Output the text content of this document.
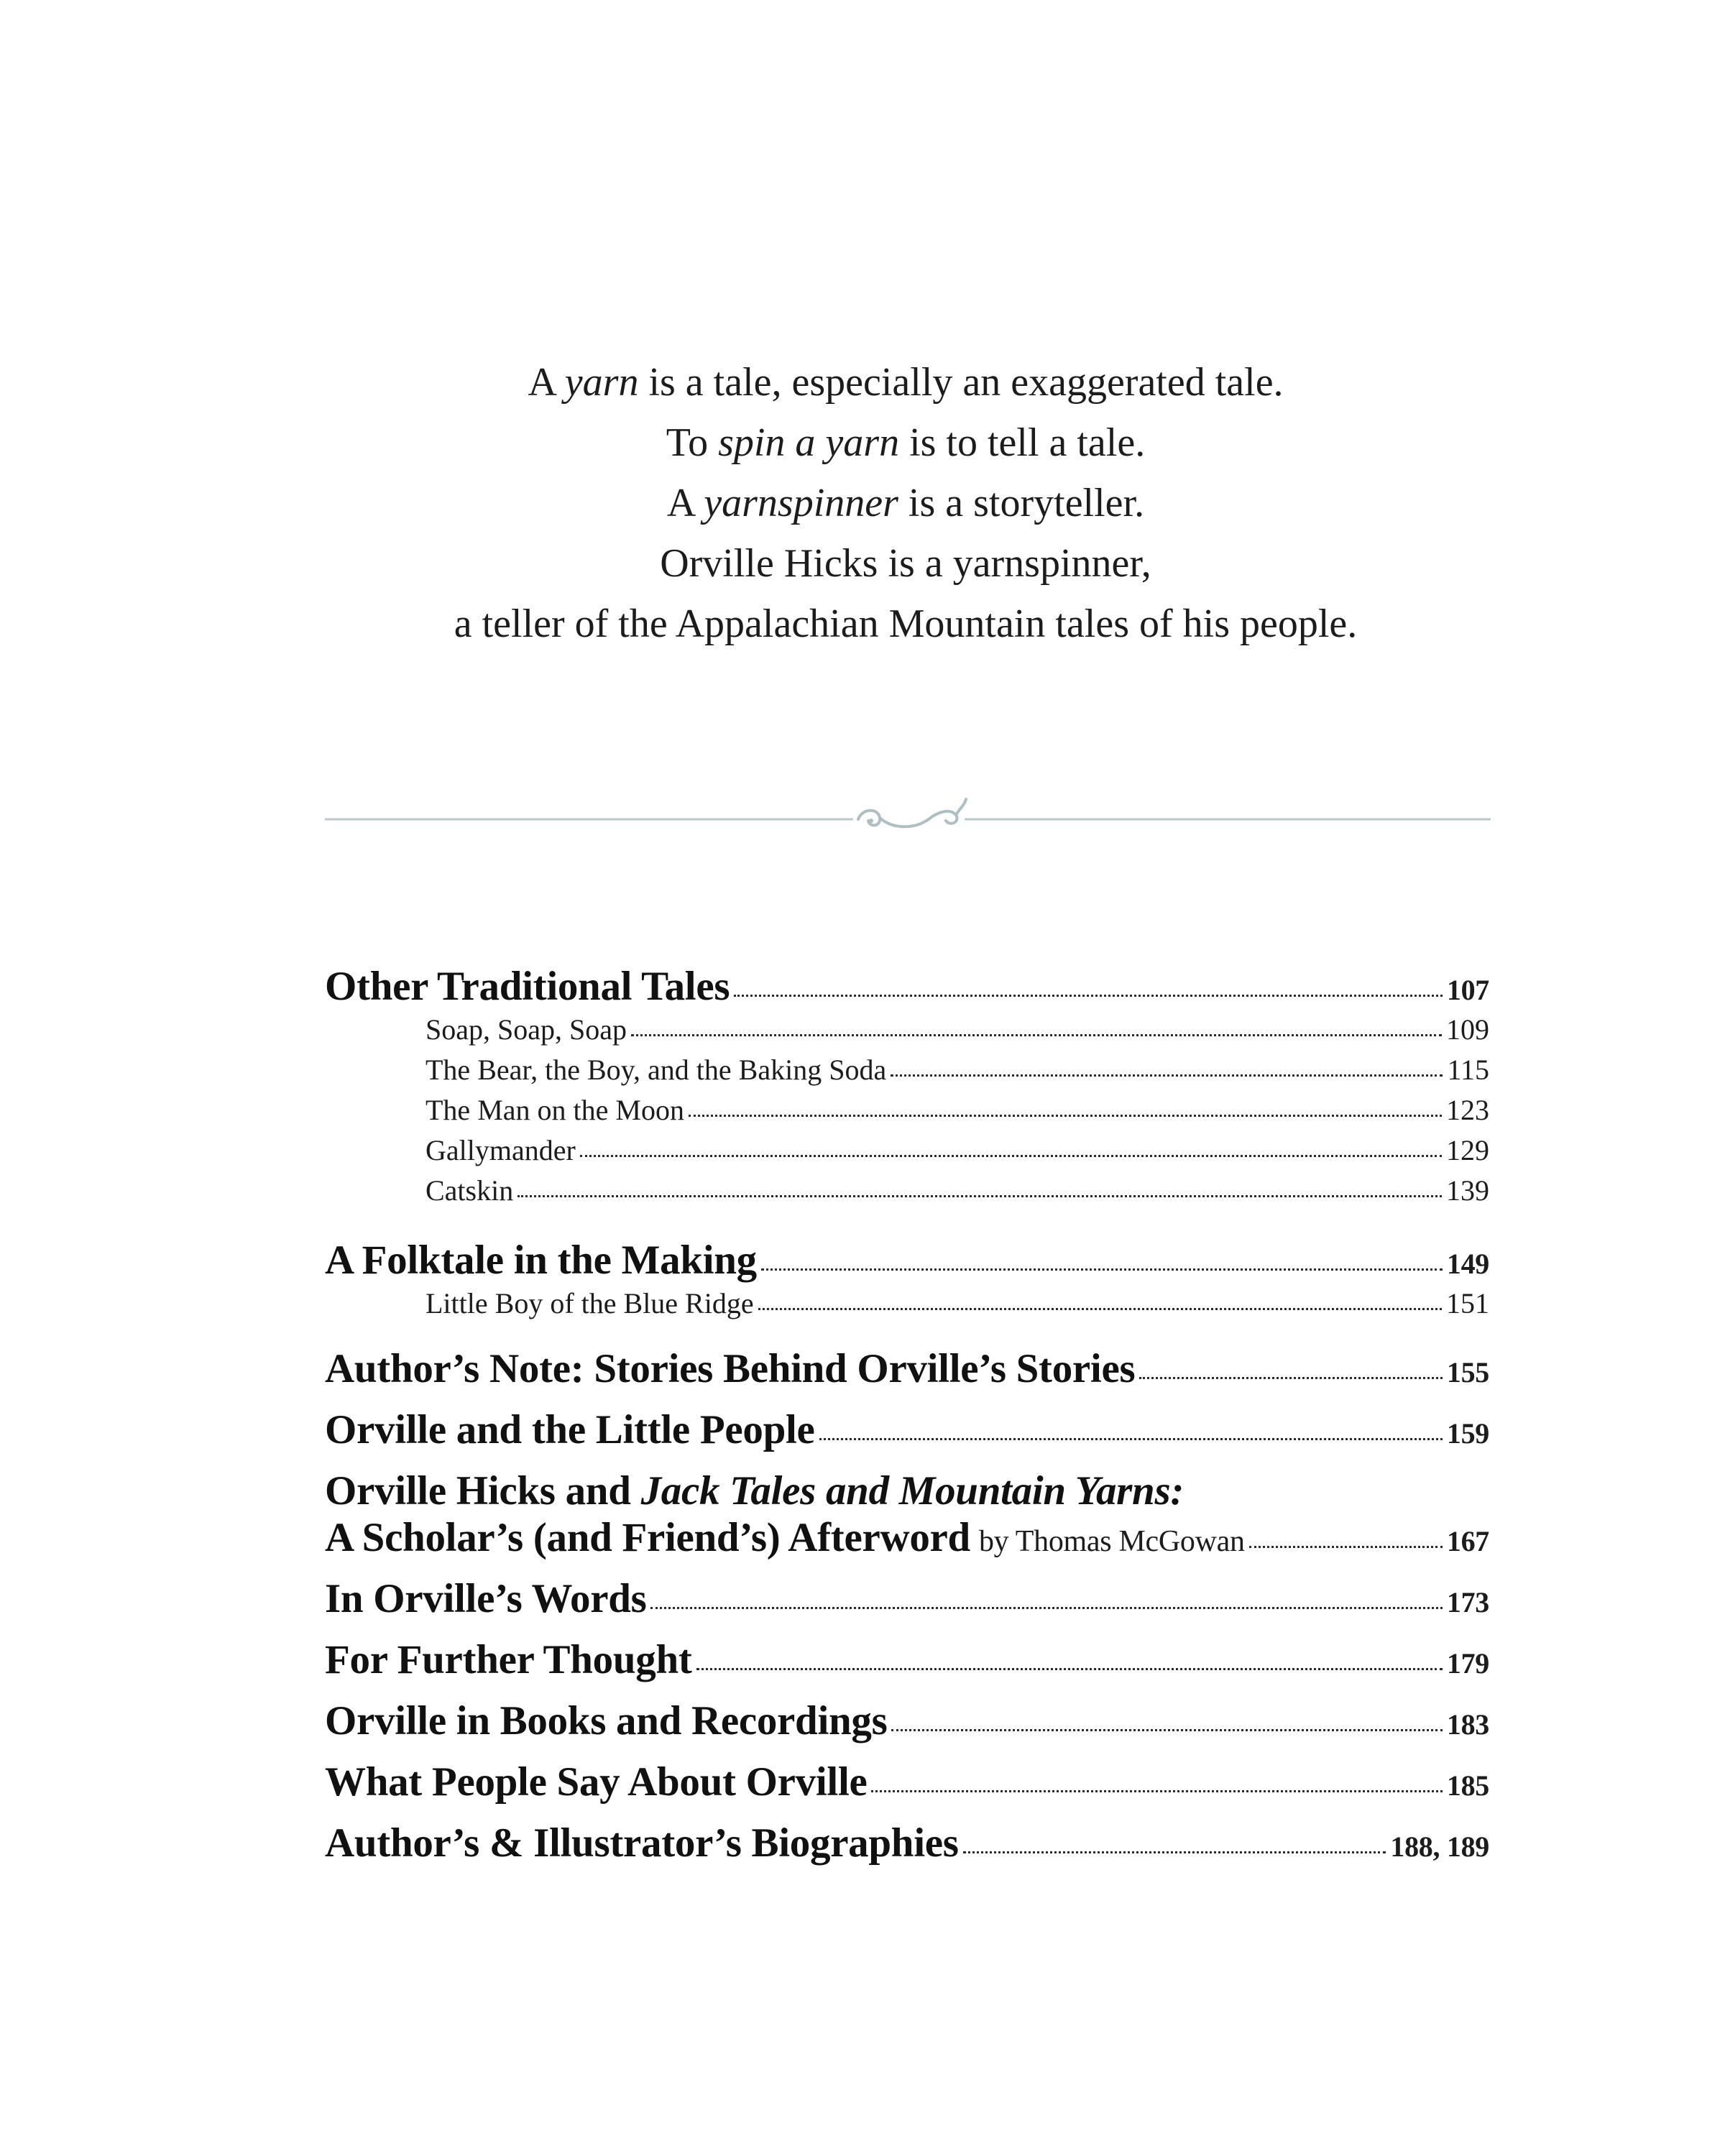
A yarn is a tale, especially an exaggerated tale.
To spin a yarn is to tell a tale.
A yarnspinner is a storyteller.
Orville Hicks is a yarnspinner,
a teller of the Appalachian Mountain tales of his people.
Other Traditional Tales	107
Soap, Soap, Soap	109
The Bear, the Boy, and the Baking Soda	115
The Man on the Moon	123
Gallymander	129
Catskin	139
A Folktale in the Making	149
Little Boy of the Blue Ridge	151
Author’s Note: Stories Behind Orville’s Stories	155
Orville and the Little People	159
Orville Hicks and Jack Tales and Mountain Yarns:
A Scholar’s (and Friend’s) Afterword by Thomas McGowan	167
In Orville’s Words	173
For Further Thought	179
Orville in Books and Recordings	183
What People Say About Orville	185
Author’s & Illustrator’s Biographies	188, 189
